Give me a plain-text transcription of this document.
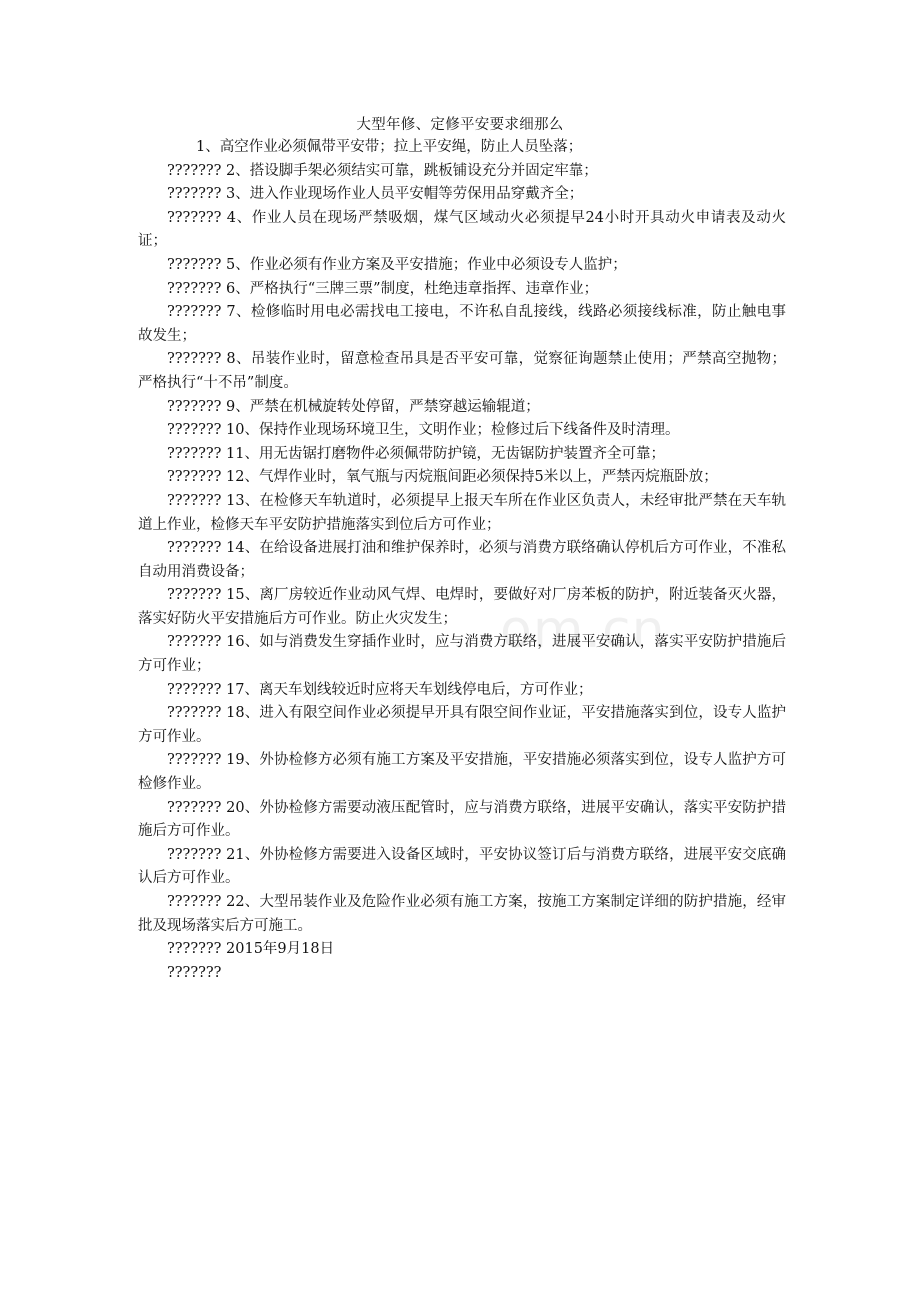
大型年修、定修平安要求细那么

1、高空作业必须佩带平安带；拉上平安绳，防止人员坠落；

??????? 2、搭设脚手架必须结实可靠，跳板铺设充分并固定牢靠；

??????? 3、进入作业现场作业人员平安帽等劳保用品穿戴齐全；

??????? 4、作业人员在现场严禁吸烟，煤气区域动火必须提早24小时开具动火申请表及动火证；

??????? 5、作业必须有作业方案及平安措施；作业中必须设专人监护；

??????? 6、严格执行“三牌三票”制度，杜绝违章指挥、违章作业；

??????? 7、检修临时用电必需找电工接电，不许私自乱接线，线路必须接线标准，防止触电事故发生；

??????? 8、吊装作业时，留意检查吊具是否平安可靠，觉察征询题禁止使用；严禁高空抛物；严格执行“十不吊”制度。

??????? 9、严禁在机械旋转处停留，严禁穿越运输辊道；

??????? 10、保持作业现场环境卫生，文明作业；检修过后下线备件及时清理。

??????? 11、用无齿锯打磨物件必须佩带防护镜，无齿锯防护装置齐全可靠；

??????? 12、气焊作业时，氧气瓶与丙烷瓶间距必须保持5米以上，严禁丙烷瓶卧放；

??????? 13、在检修天车轨道时，必须提早上报天车所在作业区负责人，未经审批严禁在天车轨道上作业，检修天车平安防护措施落实到位后方可作业；

??????? 14、在给设备进展打油和维护保养时，必须与消费方联络确认停机后方可作业，不准私自动用消费设备；

??????? 15、离厂房较近作业动风气焊、电焊时，要做好对厂房苯板的防护，附近装备灭火器，落实好防火平安措施后方可作业。防止火灾发生；

??????? 16、如与消费发生穿插作业时，应与消费方联络，进展平安确认，落实平安防护措施后方可作业；

??????? 17、离天车划线较近时应将天车划线停电后，方可作业；

??????? 18、进入有限空间作业必须提早开具有限空间作业证，平安措施落实到位，设专人监护方可作业。

??????? 19、外协检修方必须有施工方案及平安措施，平安措施必须落实到位，设专人监护方可检修作业。

??????? 20、外协检修方需要动液压配管时，应与消费方联络，进展平安确认，落实平安防护措施后方可作业。

??????? 21、外协检修方需要进入设备区域时，平安协议签订后与消费方联络，进展平安交底确认后方可作业。

??????? 22、大型吊装作业及危险作业必须有施工方案，按施工方案制定详细的防护措施，经审批及现场落实后方可施工。

??????? 2015年9月18日

???????

om.cn
